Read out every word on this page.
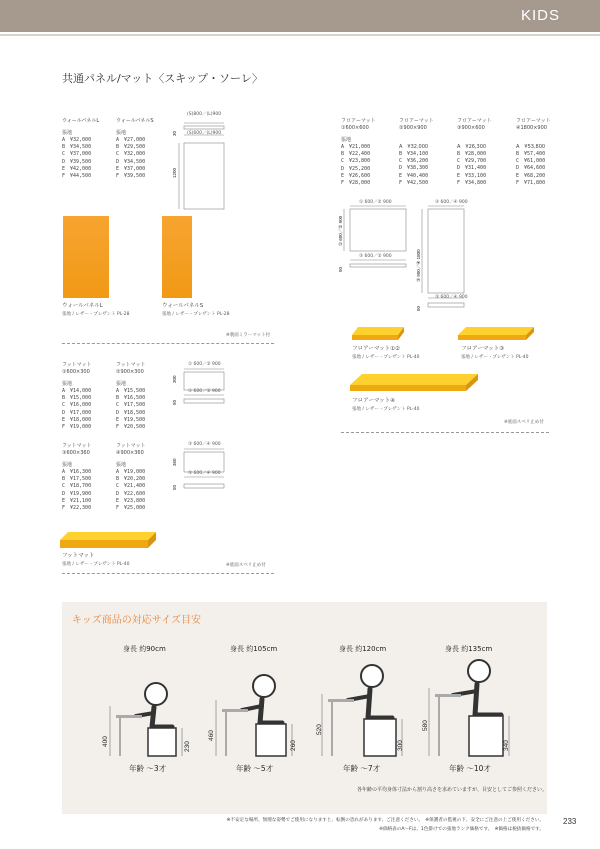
KIDS
共通パネル/マット〈スキップ・ソーレ〉
ウォールパネルL
張地
A　¥32,000
B　¥34,500
C　¥37,000
D　¥39,500
E　¥42,000
F　¥44,500
ウォールパネルS
張地
A　¥27,000
B　¥29,500
C　¥32,000
D　¥34,500
E　¥37,000
F　¥39,500
(S)800／(L)900
(S)600／(L)900
30
1200
ウォールパネルL
張地 / レザー・プレザント PL-28
ウォールパネルS
張地 / レザー・プレザント PL-28
※裏面ミラーマット付
フットマット
①600×300
張地
A　¥14,000
B　¥15,000
C　¥16,000
D　¥17,000
E　¥18,000
F　¥19,000
フットマット
②900×300
張地
A　¥15,500
B　¥16,500
C　¥17,500
D　¥18,500
E　¥19,500
F　¥20,500
フットマット
③600×360
張地
A　¥16,300
B　¥17,500
C　¥18,700
D　¥19,900
E　¥21,100
F　¥22,300
フットマット
④900×360
張地
A　¥19,000
B　¥20,200
C　¥21,400
D　¥22,600
E　¥23,800
F　¥25,000
① 600／② 900
300
① 600／② 900
50
③ 600／④ 900
360
③ 600／④ 900
50
フットマット
張地 / レザー・プレザント PL-40	※底面スベリ止め付
フロアーマット
①600×600
張地
A　¥21,000
B　¥22,400
C　¥23,800
D　¥25,200
E　¥26,600
F　¥28,000
フロアーマット
②900×900
A　¥32,000
B　¥34,100
C　¥36,200
D　¥38,300
E　¥40,400
F　¥42,500
フロアーマット
③900×600
A　¥26,300
B　¥28,000
C　¥29,700
D　¥31,400
E　¥33,100
F　¥34,800
フロアーマット
④1800×900
A　¥53,800
B　¥57,400
C　¥61,000
D　¥64,600
E　¥68,200
F　¥71,800
① 600／② 900
① 600／② 900
③ 600／② 900
50
③ 600／④ 900
③ 900／④ 1800
③ 600／④ 900
50
フロアーマット①②
張地 / レザー・プレザント PL-40
フロアーマット③
張地 / レザー・プレザント PL-40
フロアーマット④
張地 / レザー・プレザント PL-40
※底面スベリ止め付
キッズ商品の対応サイズ目安
身長 約90cm
400	230
年齢 ～3才
身長 約105cm
460
260
年齢 ～5才
身長 約120cm
520
300
年齢 ～7才
身長 約135cm
580
340
年齢 ～10才
各年齢の平均身体寸法から割り高さを求めていますが、目安としてご参照ください。
※不安定な場所、無理な姿勢でご使用になりますと、転倒の恐れがあります。ご注意ください。　※保護者の監視の下、安全にご注意の上ご使用ください。
※価格表のA～Fは、1色掛けでの張地ランク価格です。　※価格は税抜価格です。
233
